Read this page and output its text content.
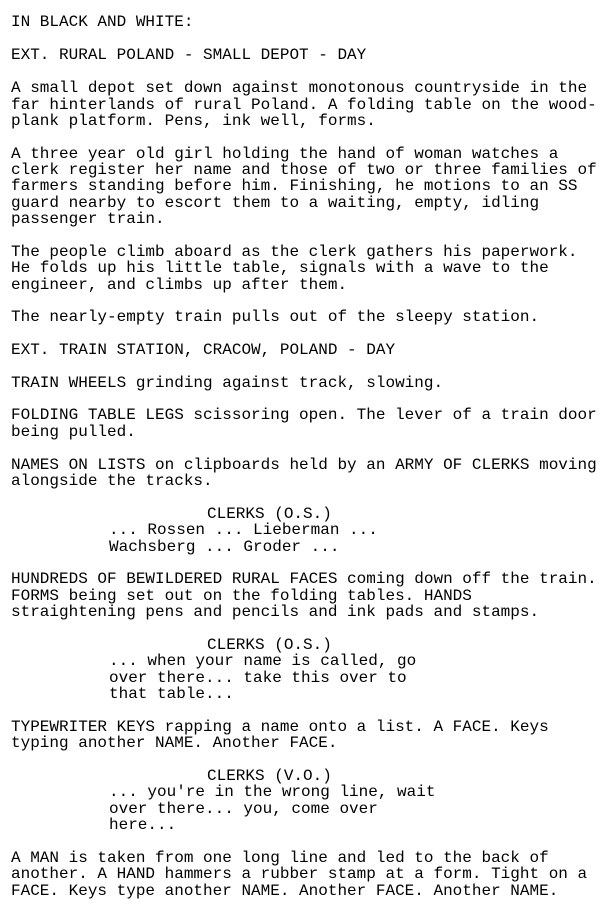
IN BLACK AND WHITE:
EXT. RURAL POLAND - SMALL DEPOT - DAY
A small depot set down against monotonous countryside in the
far hinterlands of rural Poland. A folding table on the wood-
plank platform. Pens, ink well, forms.
A three year old girl holding the hand of woman watches a
clerk register her name and those of two or three families of
farmers standing before him. Finishing, he motions to an SS
guard nearby to escort them to a waiting, empty, idling
passenger train.
The people climb aboard as the clerk gathers his paperwork.
He folds up his little table, signals with a wave to the
engineer, and climbs up after them.
The nearly-empty train pulls out of the sleepy station.
EXT. TRAIN STATION, CRACOW, POLAND - DAY
TRAIN WHEELS grinding against track, slowing.
FOLDING TABLE LEGS scissoring open. The lever of a train door
being pulled.
NAMES ON LISTS on clipboards held by an ARMY OF CLERKS moving
alongside the tracks.
CLERKS (O.S.)
... Rossen ... Lieberman ...
Wachsberg ... Groder ...
HUNDREDS OF BEWILDERED RURAL FACES coming down off the train.
FORMS being set out on the folding tables. HANDS
straightening pens and pencils and ink pads and stamps.
CLERKS (O.S.)
... when your name is called, go
over there... take this over to
that table...
TYPEWRITER KEYS rapping a name onto a list. A FACE. Keys
typing another NAME. Another FACE.
CLERKS (V.O.)
... you're in the wrong line, wait
over there... you, come over
here...
A MAN is taken from one long line and led to the back of
another. A HAND hammers a rubber stamp at a form. Tight on a
FACE. Keys type another NAME. Another FACE. Another NAME.
